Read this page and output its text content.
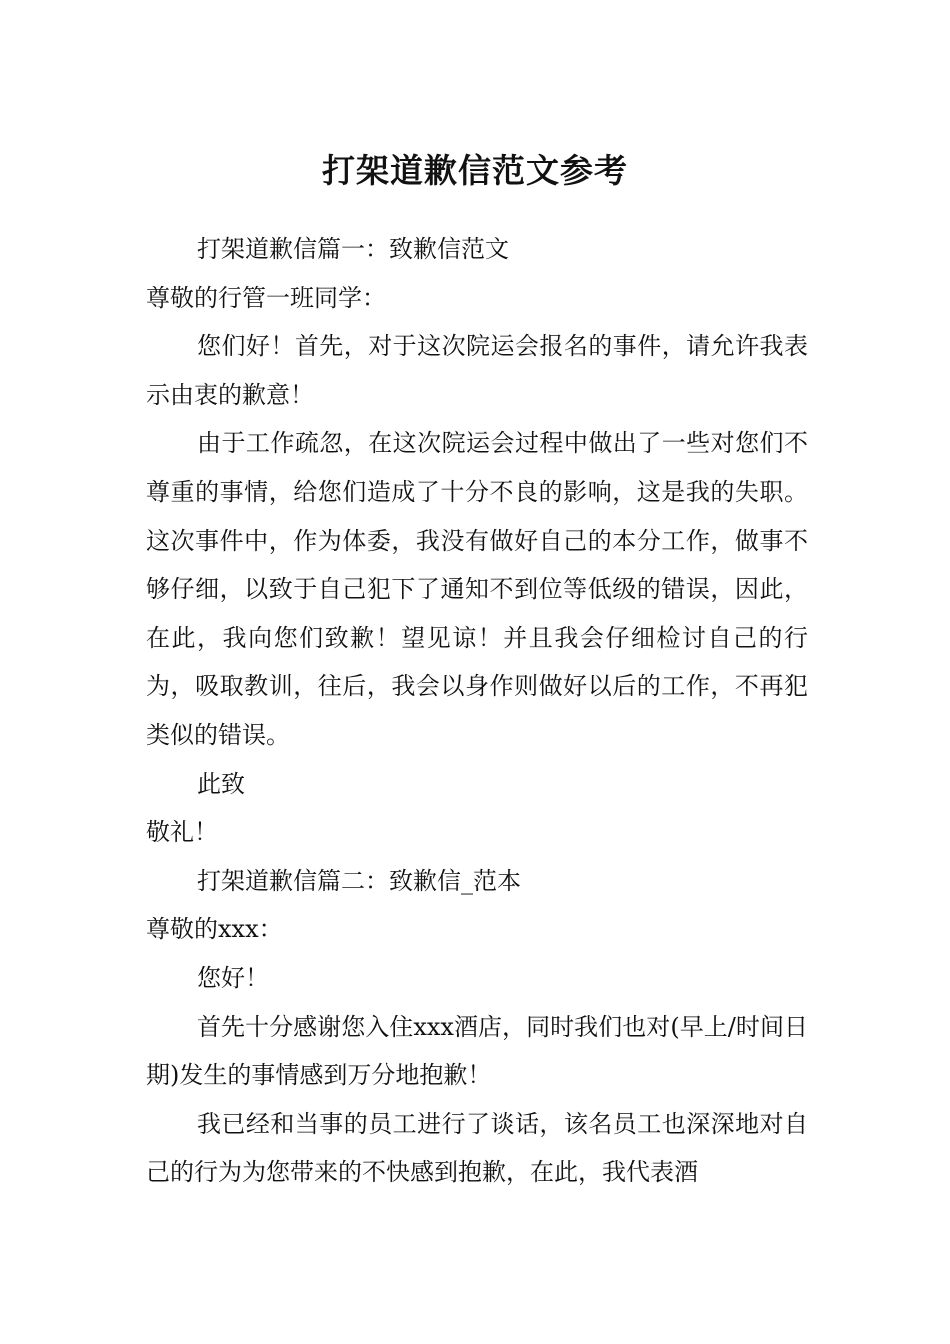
打架道歉信范文参考

打架道歉信篇一：致歉信范文

尊敬的行管一班同学：

您们好！首先，对于这次院运会报名的事件，请允许我表示由衷的歉意！

由于工作疏忽，在这次院运会过程中做出了一些对您们不尊重的事情，给您们造成了十分不良的影响，这是我的失职。这次事件中，作为体委，我没有做好自己的本分工作，做事不够仔细，以致于自己犯下了通知不到位等低级的错误，因此，在此，我向您们致歉！望见谅！并且我会仔细检讨自己的行为，吸取教训，往后，我会以身作则做好以后的工作，不再犯类似的错误。

此致

敬礼！

打架道歉信篇二：致歉信_范本

尊敬的xxx：

您好！

首先十分感谢您入住xxx酒店，同时我们也对(早上/时间日期)发生的事情感到万分地抱歉！

我已经和当事的员工进行了谈话，该名员工也深深地对自己的行为为您带来的不快感到抱歉，在此，我代表酒
